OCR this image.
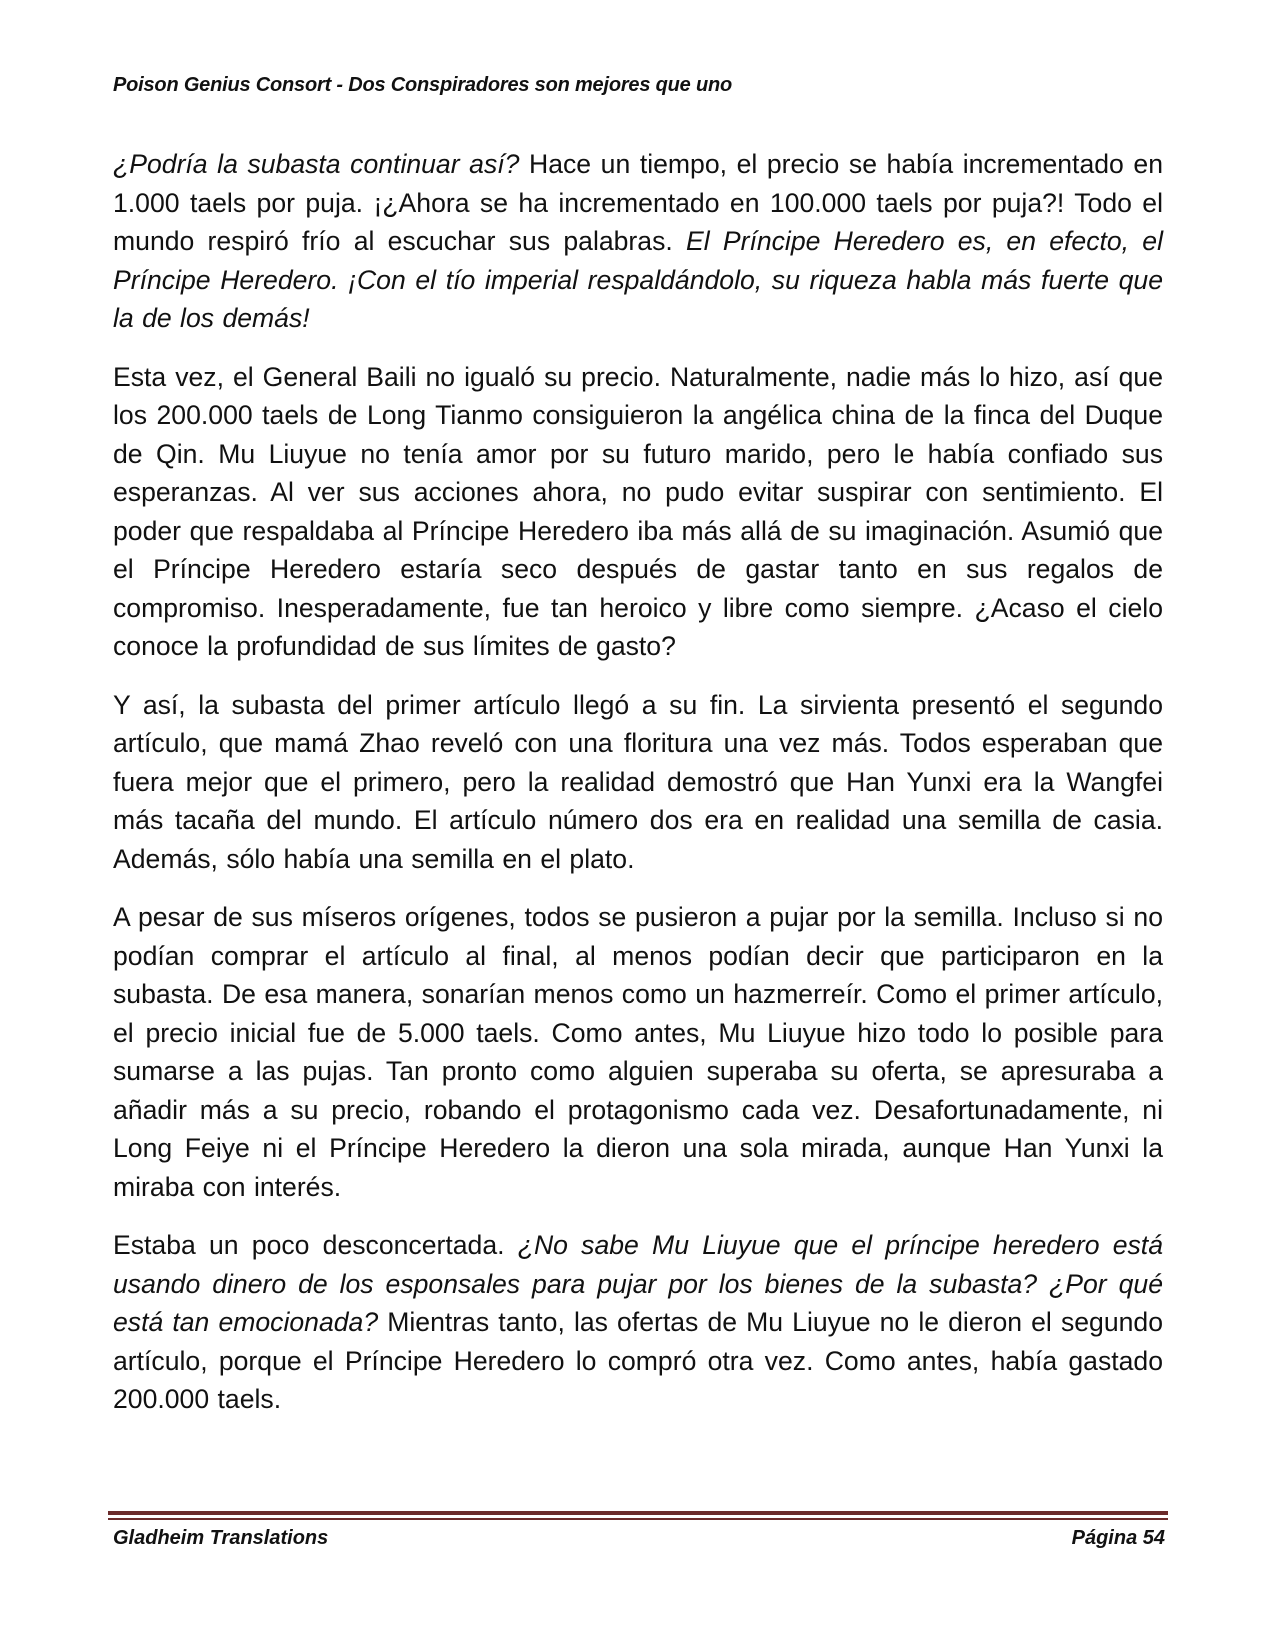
Poison Genius Consort - Dos Conspiradores son mejores que uno

¿Podría la subasta continuar así? Hace un tiempo, el precio se había incrementado en 1.000 taels por puja. ¡¿Ahora se ha incrementado en 100.000 taels por puja?! Todo el mundo respiró frío al escuchar sus palabras. El Príncipe Heredero es, en efecto, el Príncipe Heredero. ¡Con el tío imperial respaldándolo, su riqueza habla más fuerte que la de los demás!

Esta vez, el General Baili no igualó su precio. Naturalmente, nadie más lo hizo, así que los 200.000 taels de Long Tianmo consiguieron la angélica china de la finca del Duque de Qin. Mu Liuyue no tenía amor por su futuro marido, pero le había confiado sus esperanzas. Al ver sus acciones ahora, no pudo evitar suspirar con sentimiento. El poder que respaldaba al Príncipe Heredero iba más allá de su imaginación. Asumió que el Príncipe Heredero estaría seco después de gastar tanto en sus regalos de compromiso. Inesperadamente, fue tan heroico y libre como siempre. ¿Acaso el cielo conoce la profundidad de sus límites de gasto?

Y así, la subasta del primer artículo llegó a su fin. La sirvienta presentó el segundo artículo, que mamá Zhao reveló con una floritura una vez más. Todos esperaban que fuera mejor que el primero, pero la realidad demostró que Han Yunxi era la Wangfei más tacaña del mundo. El artículo número dos era en realidad una semilla de casia. Además, sólo había una semilla en el plato.

A pesar de sus míseros orígenes, todos se pusieron a pujar por la semilla. Incluso si no podían comprar el artículo al final, al menos podían decir que participaron en la subasta. De esa manera, sonarían menos como un hazmerreír. Como el primer artículo, el precio inicial fue de 5.000 taels. Como antes, Mu Liuyue hizo todo lo posible para sumarse a las pujas. Tan pronto como alguien superaba su oferta, se apresuraba a añadir más a su precio, robando el protagonismo cada vez. Desafortunadamente, ni Long Feiye ni el Príncipe Heredero la dieron una sola mirada, aunque Han Yunxi la miraba con interés.

Estaba un poco desconcertada. ¿No sabe Mu Liuyue que el príncipe heredero está usando dinero de los esponsales para pujar por los bienes de la subasta? ¿Por qué está tan emocionada? Mientras tanto, las ofertas de Mu Liuyue no le dieron el segundo artículo, porque el Príncipe Heredero lo compró otra vez. Como antes, había gastado 200.000 taels.

Gladheim Translations	Página 54
